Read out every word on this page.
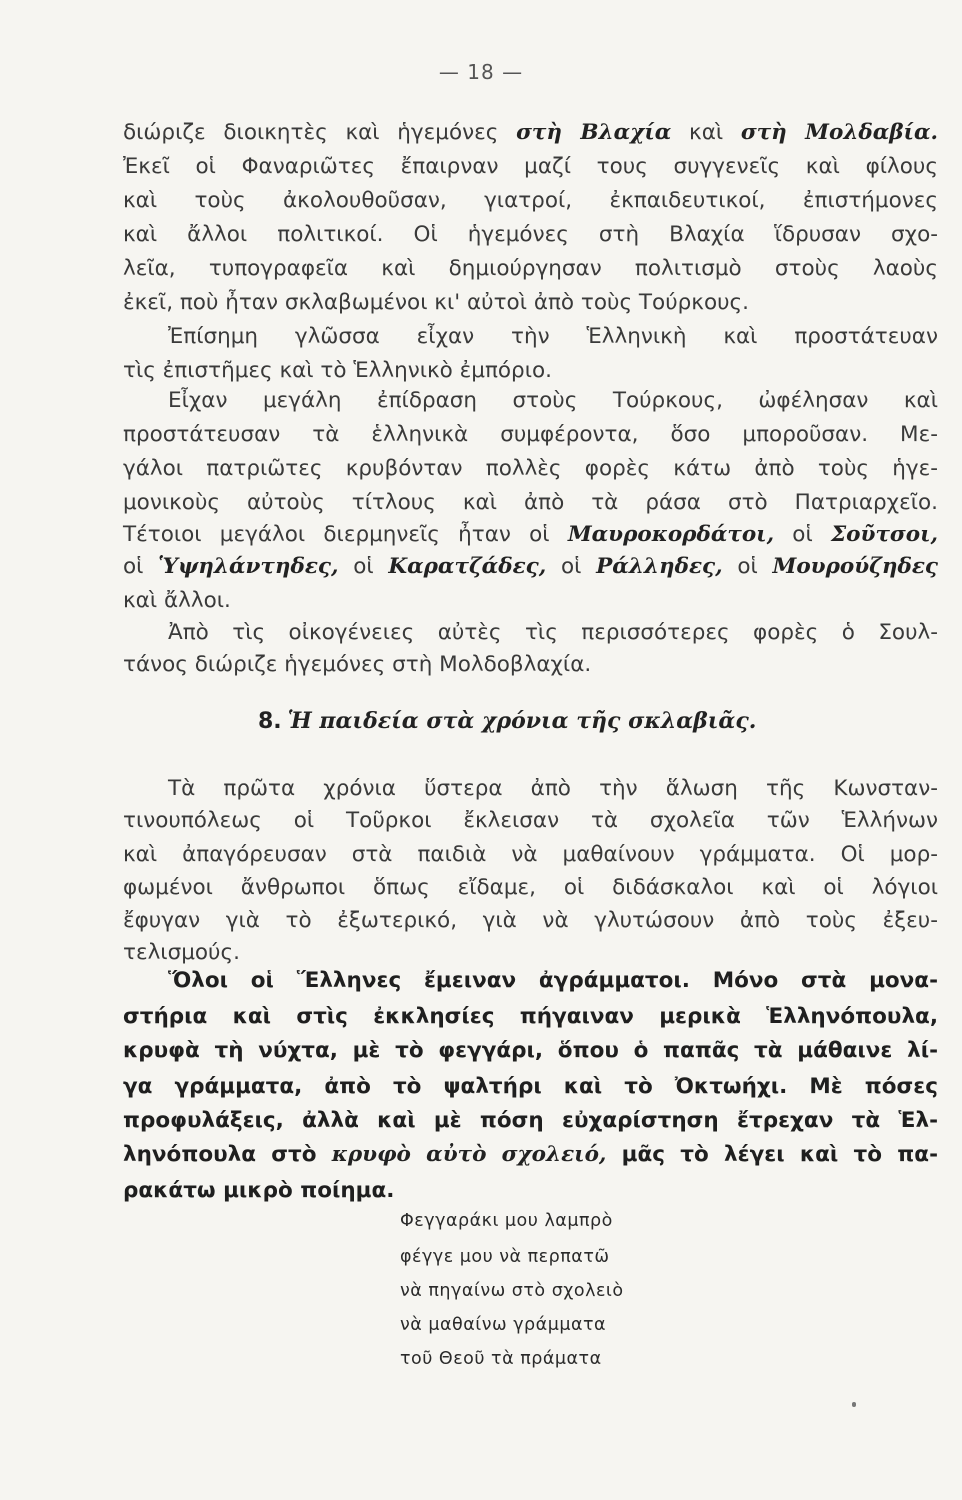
— 18 —
διώριζε διοικητὲς καὶ ἡγεμόνες στὴ Βλαχία καὶ στὴ Μολδαβία.
Ἐκεῖ οἱ Φαναριῶτες ἔπαιρναν μαζί τους συγγενεῖς καὶ φίλους
καὶ τοὺς ἀκολουθοῦσαν, γιατροί, ἐκπαιδευτικοί, ἐπιστήμονες
καὶ ἄλλοι πολιτικοί. Οἱ ἡγεμόνες στὴ Βλαχία ἵδρυσαν σχο-
λεῖα, τυπογραφεῖα καὶ δημιούργησαν πολιτισμὸ στοὺς λαοὺς
ἐκεῖ, ποὺ ἦταν σκλαβωμένοι κι' αὐτοὶ ἀπὸ τοὺς Τούρκους.
Ἐπίσημη γλῶσσα εἶχαν τὴν Ἑλληνικὴ καὶ προστάτευαν
τὶς ἐπιστῆμες καὶ τὸ Ἑλληνικὸ ἐμπόριο.
Εἶχαν μεγάλη ἐπίδραση στοὺς Τούρκους, ὠφέλησαν καὶ
προστάτευσαν τὰ ἑλληνικὰ συμφέροντα, ὅσο μποροῦσαν. Με-
γάλοι πατριῶτες κρυβόνταν πολλὲς φορὲς κάτω ἀπὸ τοὺς ἡγε-
μονικοὺς αὐτοὺς τίτλους καὶ ἀπὸ τὰ ράσα στὸ Πατριαρχεῖο.
Τέτοιοι μεγάλοι διερμηνεῖς ἦταν οἱ Μαυροκορδάτοι, οἱ Σοῦτσοι,
οἱ Ὑψηλάντηδες, οἱ Καρατζάδες, οἱ Ράλληδες, οἱ Μουρούζηδες
καὶ ἄλλοι.
Ἀπὸ τὶς οἰκογένειες αὐτὲς τὶς περισσότερες φορὲς ὁ Σουλ-
τάνος διώριζε ἡγεμόνες στὴ Μολδοβλαχία.
8. Ἡ παιδεία στὰ χρόνια τῆς σκλαβιᾶς.
Τὰ πρῶτα χρόνια ὕστερα ἀπὸ τὴν ἅλωση τῆς Κωνσταν-
τινουπόλεως οἱ Τοῦρκοι ἔκλεισαν τὰ σχολεῖα τῶν Ἑλλήνων
καὶ ἀπαγόρευσαν στὰ παιδιὰ νὰ μαθαίνουν γράμματα. Οἱ μορ-
φωμένοι ἄνθρωποι ὅπως εἴδαμε, οἱ διδάσκαλοι καὶ οἱ λόγιοι
ἔφυγαν γιὰ τὸ ἐξωτερικό, γιὰ νὰ γλυτώσουν ἀπὸ τοὺς ἐξευ-
τελισμούς.
Ὅλοι οἱ Ἕλληνες ἔμειναν ἀγράμματοι. Μόνο στὰ μονα-
στήρια καὶ στὶς ἐκκλησίες πήγαιναν μερικὰ Ἑλληνόπουλα,
κρυφὰ τὴ νύχτα, μὲ τὸ φεγγάρι, ὅπου ὁ παπᾶς τὰ μάθαινε λί-
γα γράμματα, ἀπὸ τὸ ψαλτήρι καὶ τὸ Ὀκτωήχι. Μὲ πόσες
προφυλάξεις, ἀλλὰ καὶ μὲ πόση εὐχαρίστηση ἔτρεχαν τὰ Ἑλ-
ληνόπουλα στὸ κρυφὸ αὐτὸ σχολειό, μᾶς τὸ λέγει καὶ τὸ πα-
ρακάτω μικρὸ ποίημα.
Φεγγαράκι μου λαμπρὸ
φέγγε μου νὰ περπατῶ
νὰ πηγαίνω στὸ σχολειὸ
νὰ μαθαίνω γράμματα
τοῦ Θεοῦ τὰ πράματα
